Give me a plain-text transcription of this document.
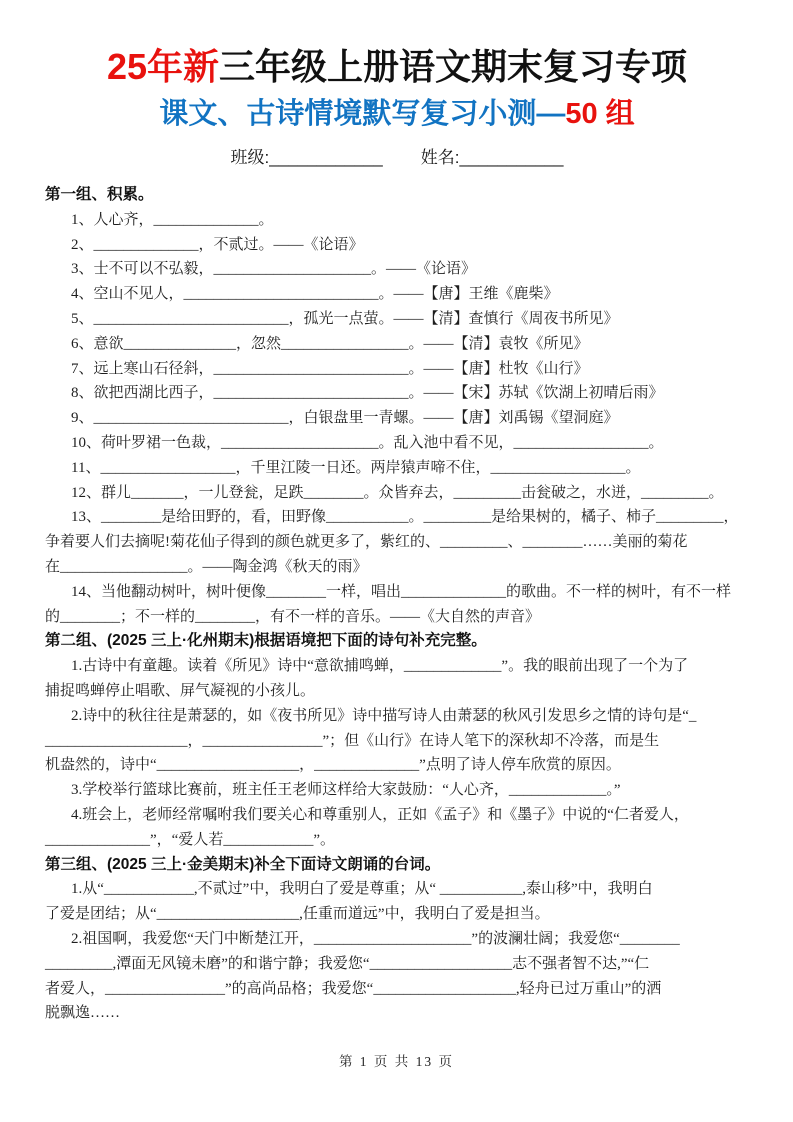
25年新三年级上册语文期末复习专项
课文、古诗情境默写复习小测—50 组
班级:____________ 姓名:___________
第一组、积累。

1、人心齐，______________。

2、______________，不贰过。——《论语》

3、士不可以不弘毅，_____________________。——《论语》

4、空山不见人，__________________________。——【唐】王维《鹿柴》

5、__________________________，孤光一点萤。——【清】查慎行《周夜书所见》

6、意欲_______________，忽然_________________。——【清】袁牧《所见》

7、远上寒山石径斜，__________________________。——【唐】杜牧《山行》

8、欲把西湖比西子，__________________________。——【宋】苏轼《饮湖上初晴后雨》

9、__________________________，白银盘里一青螺。——【唐】刘禹锡《望洞庭》

10、荷叶罗裙一色裁，_____________________。乱入池中看不见，__________________。

11、__________________，千里江陵一日还。两岸猿声啼不住，__________________。

12、群儿_______，一儿登瓮，足跌________。众皆弃去，_________击瓮破之，水迸，_________。

13、________是给田野的，看，田野像___________。_________是给果树的，橘子、柿子_________，

争着要人们去摘呢!菊花仙子得到的颜色就更多了，紫红的、_________、________……美丽的菊花

在_________________。——陶金鸿《秋天的雨》

14、当他翻动树叶，树叶便像________一样，唱出______________的歌曲。不一样的树叶，有不一样

的________；不一样的________，有不一样的音乐。——《大自然的声音》

第二组、(2025 三上·化州期末)根据语境把下面的诗句补充完整。

1.古诗中有童趣。读着《所见》诗中“意欲捕鸣蝉，_____________”。我的眼前出现了一个为了

捕捉鸣蝉停止唱歌、屏气凝视的小孩儿。

2.诗中的秋往往是萧瑟的，如《夜书所见》诗中描写诗人由萧瑟的秋风引发思乡之情的诗句是“_

___________________，________________”；但《山行》在诗人笔下的深秋却不冷落，而是生

机盎然的，诗中“___________________，______________”点明了诗人停车欣赏的原因。

3.学校举行篮球比赛前，班主任王老师这样给大家鼓励：“人心齐，_____________。”

4.班会上，老师经常嘱咐我们要关心和尊重别人，正如《孟子》和《墨子》中说的“仁者爱人，

______________”，“爱人若____________”。

第三组、(2025 三上·金美期末)补全下面诗文朗诵的台词。

1.从“____________,不贰过”中，我明白了爱是尊重；从“ ___________,泰山移”中，我明白

了爱是团结；从“___________________,任重而道远”中，我明白了爱是担当。

2.祖国啊，我爱您“天门中断楚江开，_____________________”的波澜壮阔；我爱您“________

_________,潭面无风镜未磨”的和谐宁静；我爱您“___________________志不强者智不达,”“仁

者爱人，________________”的高尚品格；我爱您“___________________,轻舟已过万重山”的洒

脱飘逸……

第 1 页 共 13 页
